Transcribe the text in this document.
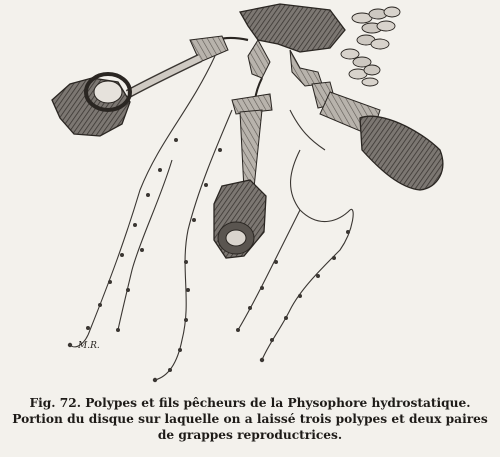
M.R.
Fig. 72. Polypes et fils pêcheurs de la Physophore hydrostatique.
Portion du disque sur laquelle on a laissé trois polypes et deux paires
de grappes reproductrices.
